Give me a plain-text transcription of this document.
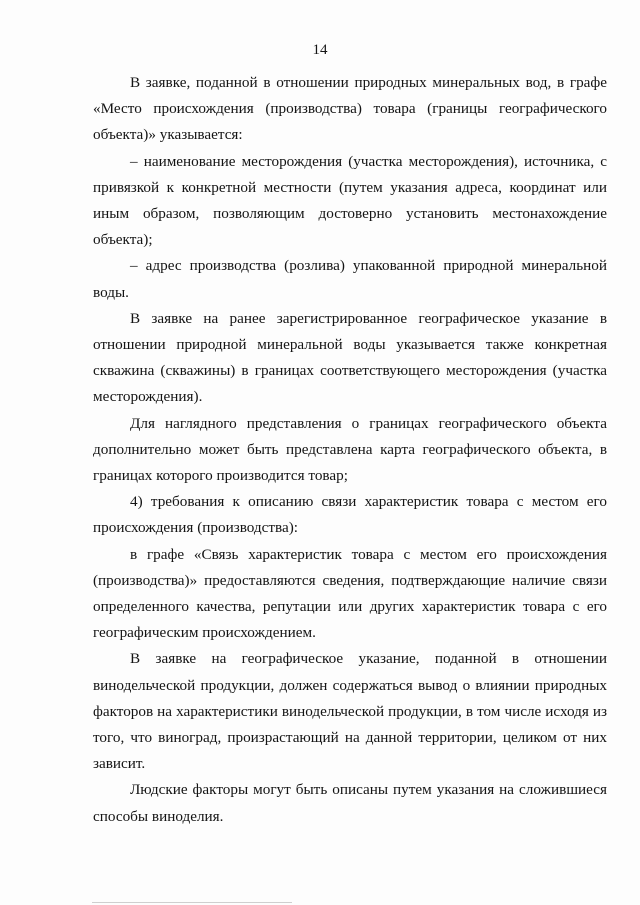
14

В заявке, поданной в отношении природных минеральных вод, в графе «Место происхождения (производства) товара (границы географического объекта)» указывается:

– наименование месторождения (участка месторождения), источника, с привязкой к конкретной местности (путем указания адреса, координат или иным образом, позволяющим достоверно установить местонахождение объекта);

– адрес производства (розлива) упакованной природной минеральной воды.

В заявке на ранее зарегистрированное географическое указание в отношении природной минеральной воды указывается также конкретная скважина (скважины) в границах соответствующего месторождения (участка месторождения).

Для наглядного представления о границах географического объекта дополнительно может быть представлена карта географического объекта, в границах которого производится товар;

4) требования к описанию связи характеристик товара с местом его происхождения (производства):

в графе «Связь характеристик товара с местом его происхождения (производства)» предоставляются сведения, подтверждающие наличие связи определенного качества, репутации или других характеристик товара с его географическим происхождением.

В заявке на географическое указание, поданной в отношении винодельческой продукции, должен содержаться вывод о влиянии природных факторов на характеристики винодельческой продукции, в том числе исходя из того, что виноград, произрастающий на данной территории, целиком от них зависит.

Людские факторы могут быть описаны путем указания на сложившиеся способы виноделия.
